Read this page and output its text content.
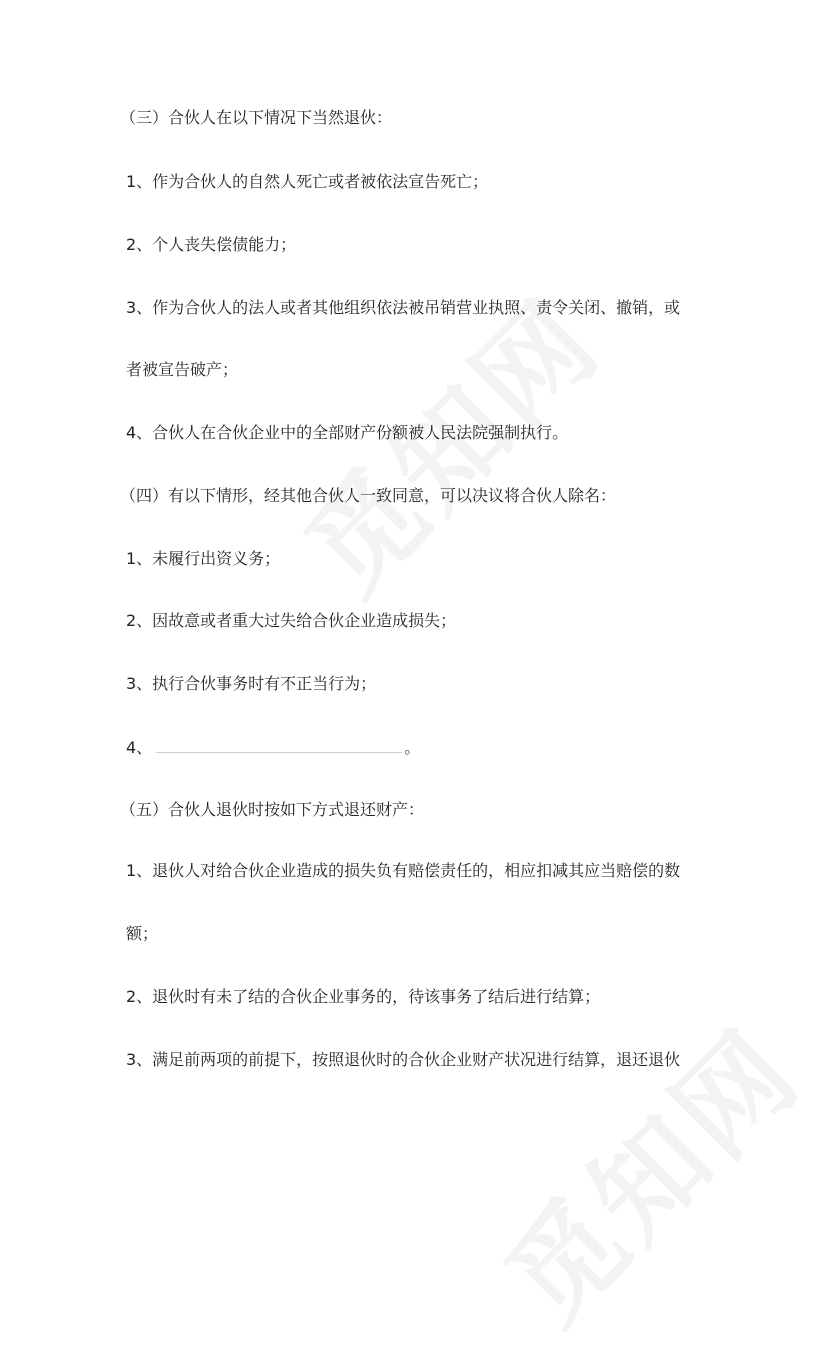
（三）合伙人在以下情况下当然退伙：

1、作为合伙人的自然人死亡或者被依法宣告死亡；

2、个人丧失偿债能力；

3、作为合伙人的法人或者其他组织依法被吊销营业执照、责令关闭、撤销，或

者被宣告破产；

4、合伙人在合伙企业中的全部财产份额被人民法院强制执行。

（四）有以下情形，经其他合伙人一致同意，可以决议将合伙人除名：

1、未履行出资义务；

2、因故意或者重大过失给合伙企业造成损失；

3、执行合伙事务时有不正当行为；

4、	。

（五）合伙人退伙时按如下方式退还财产：

1、退伙人对给合伙企业造成的损失负有赔偿责任的，相应扣减其应当赔偿的数

额；

2、退伙时有未了结的合伙企业事务的，待该事务了结后进行结算；

3、满足前两项的前提下，按照退伙时的合伙企业财产状况进行结算，退还退伙
